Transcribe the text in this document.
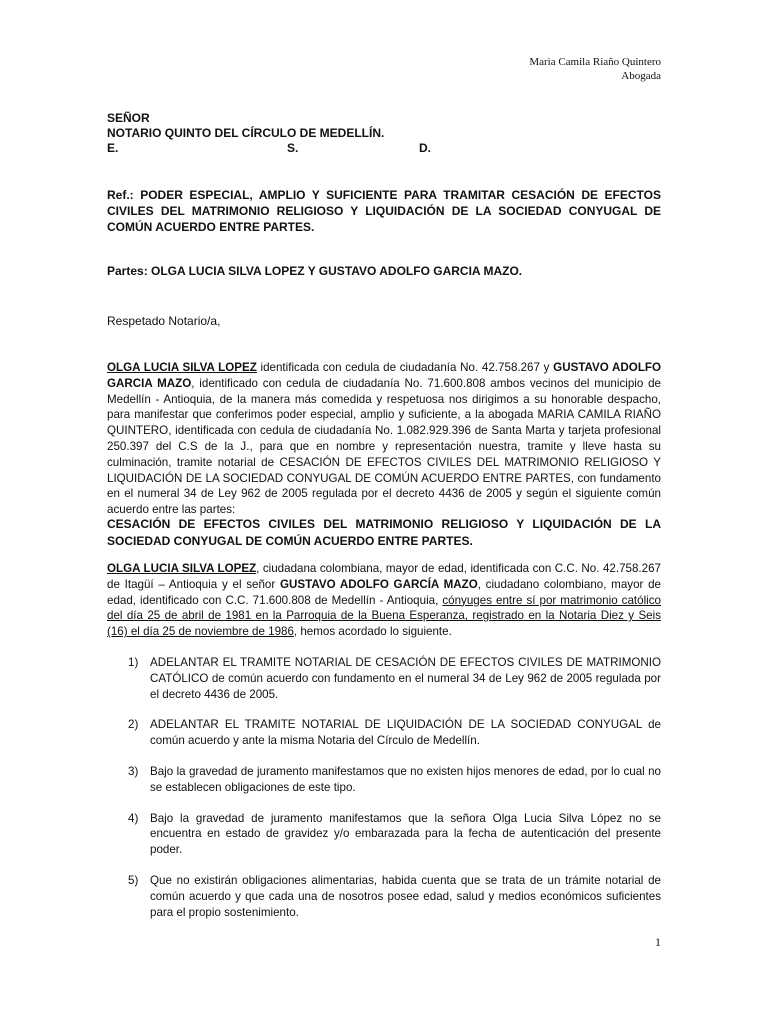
Maria Camila Riaño Quintero
Abogada
SEÑOR
NOTARIO QUINTO DEL CÍRCULO DE MEDELLÍN.
E.	S.	D.
Ref.: PODER ESPECIAL, AMPLIO Y SUFICIENTE PARA TRAMITAR CESACIÓN DE EFECTOS CIVILES DEL MATRIMONIO RELIGIOSO Y LIQUIDACIÓN DE LA SOCIEDAD CONYUGAL DE COMÚN ACUERDO ENTRE PARTES.
Partes: OLGA LUCIA SILVA LOPEZ Y GUSTAVO ADOLFO GARCIA MAZO.
Respetado Notario/a,
OLGA LUCIA SILVA LOPEZ identificada con cedula de ciudadanía No. 42.758.267 y GUSTAVO ADOLFO GARCIA MAZO, identificado con cedula de ciudadanía No. 71.600.808 ambos vecinos del municipio de Medellín - Antioquia, de la manera más comedida y respetuosa nos dirigimos a su honorable despacho, para manifestar que conferimos poder especial, amplio y suficiente, a la abogada MARIA CAMILA RIAÑO QUINTERO, identificada con cedula de ciudadanía No. 1.082.929.396 de Santa Marta y tarjeta profesional 250.397 del C.S de la J., para que en nombre y representación nuestra, tramite y lleve hasta su culminación, tramite notarial de CESACIÓN DE EFECTOS CIVILES DEL MATRIMONIO RELIGIOSO Y LIQUIDACIÓN DE LA SOCIEDAD CONYUGAL DE COMÚN ACUERDO ENTRE PARTES, con fundamento en el numeral 34 de Ley 962 de 2005 regulada por el decreto 4436 de 2005 y según el siguiente común acuerdo entre las partes:
CESACIÓN DE EFECTOS CIVILES DEL MATRIMONIO RELIGIOSO Y LIQUIDACIÓN DE LA SOCIEDAD CONYUGAL DE COMÚN ACUERDO ENTRE PARTES.
OLGA LUCIA SILVA LOPEZ, ciudadana colombiana, mayor de edad, identificada con C.C. No. 42.758.267 de Itagüí – Antioquia y el señor GUSTAVO ADOLFO GARCÍA MAZO, ciudadano colombiano, mayor de edad, identificado con C.C. 71.600.808 de Medellín - Antioquia, cónyuges entre sí por matrimonio católico del día 25 de abril de 1981 en la Parroquia de la Buena Esperanza, registrado en la Notaria Diez y Seis (16) el día 25 de noviembre de 1986, hemos acordado lo siguiente.
1) ADELANTAR EL TRAMITE NOTARIAL DE CESACIÓN DE EFECTOS CIVILES DE MATRIMONIO CATÓLICO de común acuerdo con fundamento en el numeral 34 de Ley 962 de 2005 regulada por el decreto 4436 de 2005.
2) ADELANTAR EL TRAMITE NOTARIAL DE LIQUIDACIÓN DE LA SOCIEDAD CONYUGAL de común acuerdo y ante la misma Notaria del Círculo de Medellín.
3) Bajo la gravedad de juramento manifestamos que no existen hijos menores de edad, por lo cual no se establecen obligaciones de este tipo.
4) Bajo la gravedad de juramento manifestamos que la señora Olga Lucia Silva López no se encuentra en estado de gravidez y/o embarazada para la fecha de autenticación del presente poder.
5) Que no existirán obligaciones alimentarias, habida cuenta que se trata de un trámite notarial de común acuerdo y que cada una de nosotros posee edad, salud y medios económicos suficientes para el propio sostenimiento.
1
